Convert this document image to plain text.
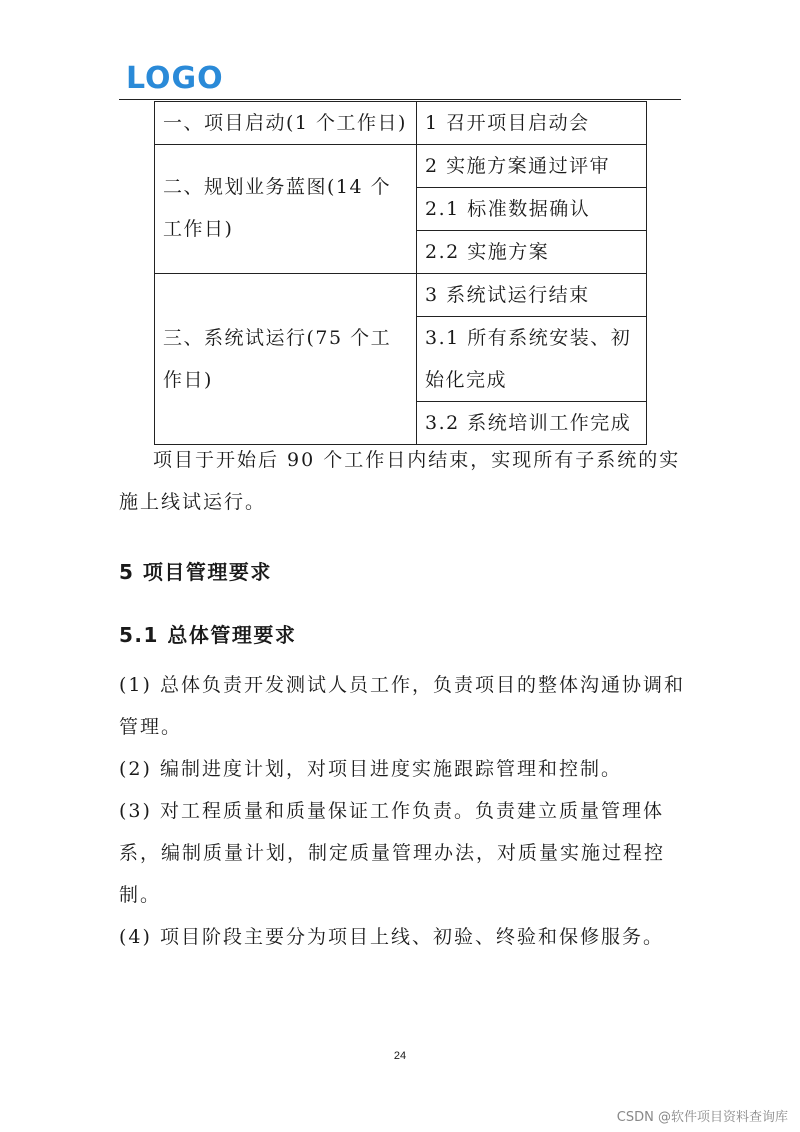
LOGO
一、项目启动(1 个工作日)	1 召开项目启动会
二、规划业务蓝图(14 个工作日)	2 实施方案通过评审
	2.1 标准数据确认
	2.2 实施方案
三、系统试运行(75 个工作日)	3 系统试运行结束
	3.1 所有系统安装、初始化完成
	3.2 系统培训工作完成
项目于开始后 90 个工作日内结束，实现所有子系统的实施上线试运行。
5 项目管理要求
5.1 总体管理要求
(1) 总体负责开发测试人员工作，负责项目的整体沟通协调和管理。
(2) 编制进度计划，对项目进度实施跟踪管理和控制。
(3) 对工程质量和质量保证工作负责。负责建立质量管理体系，编制质量计划，制定质量管理办法，对质量实施过程控制。
(4) 项目阶段主要分为项目上线、初验、终验和保修服务。
24
CSDN @软件项目资料查询库
